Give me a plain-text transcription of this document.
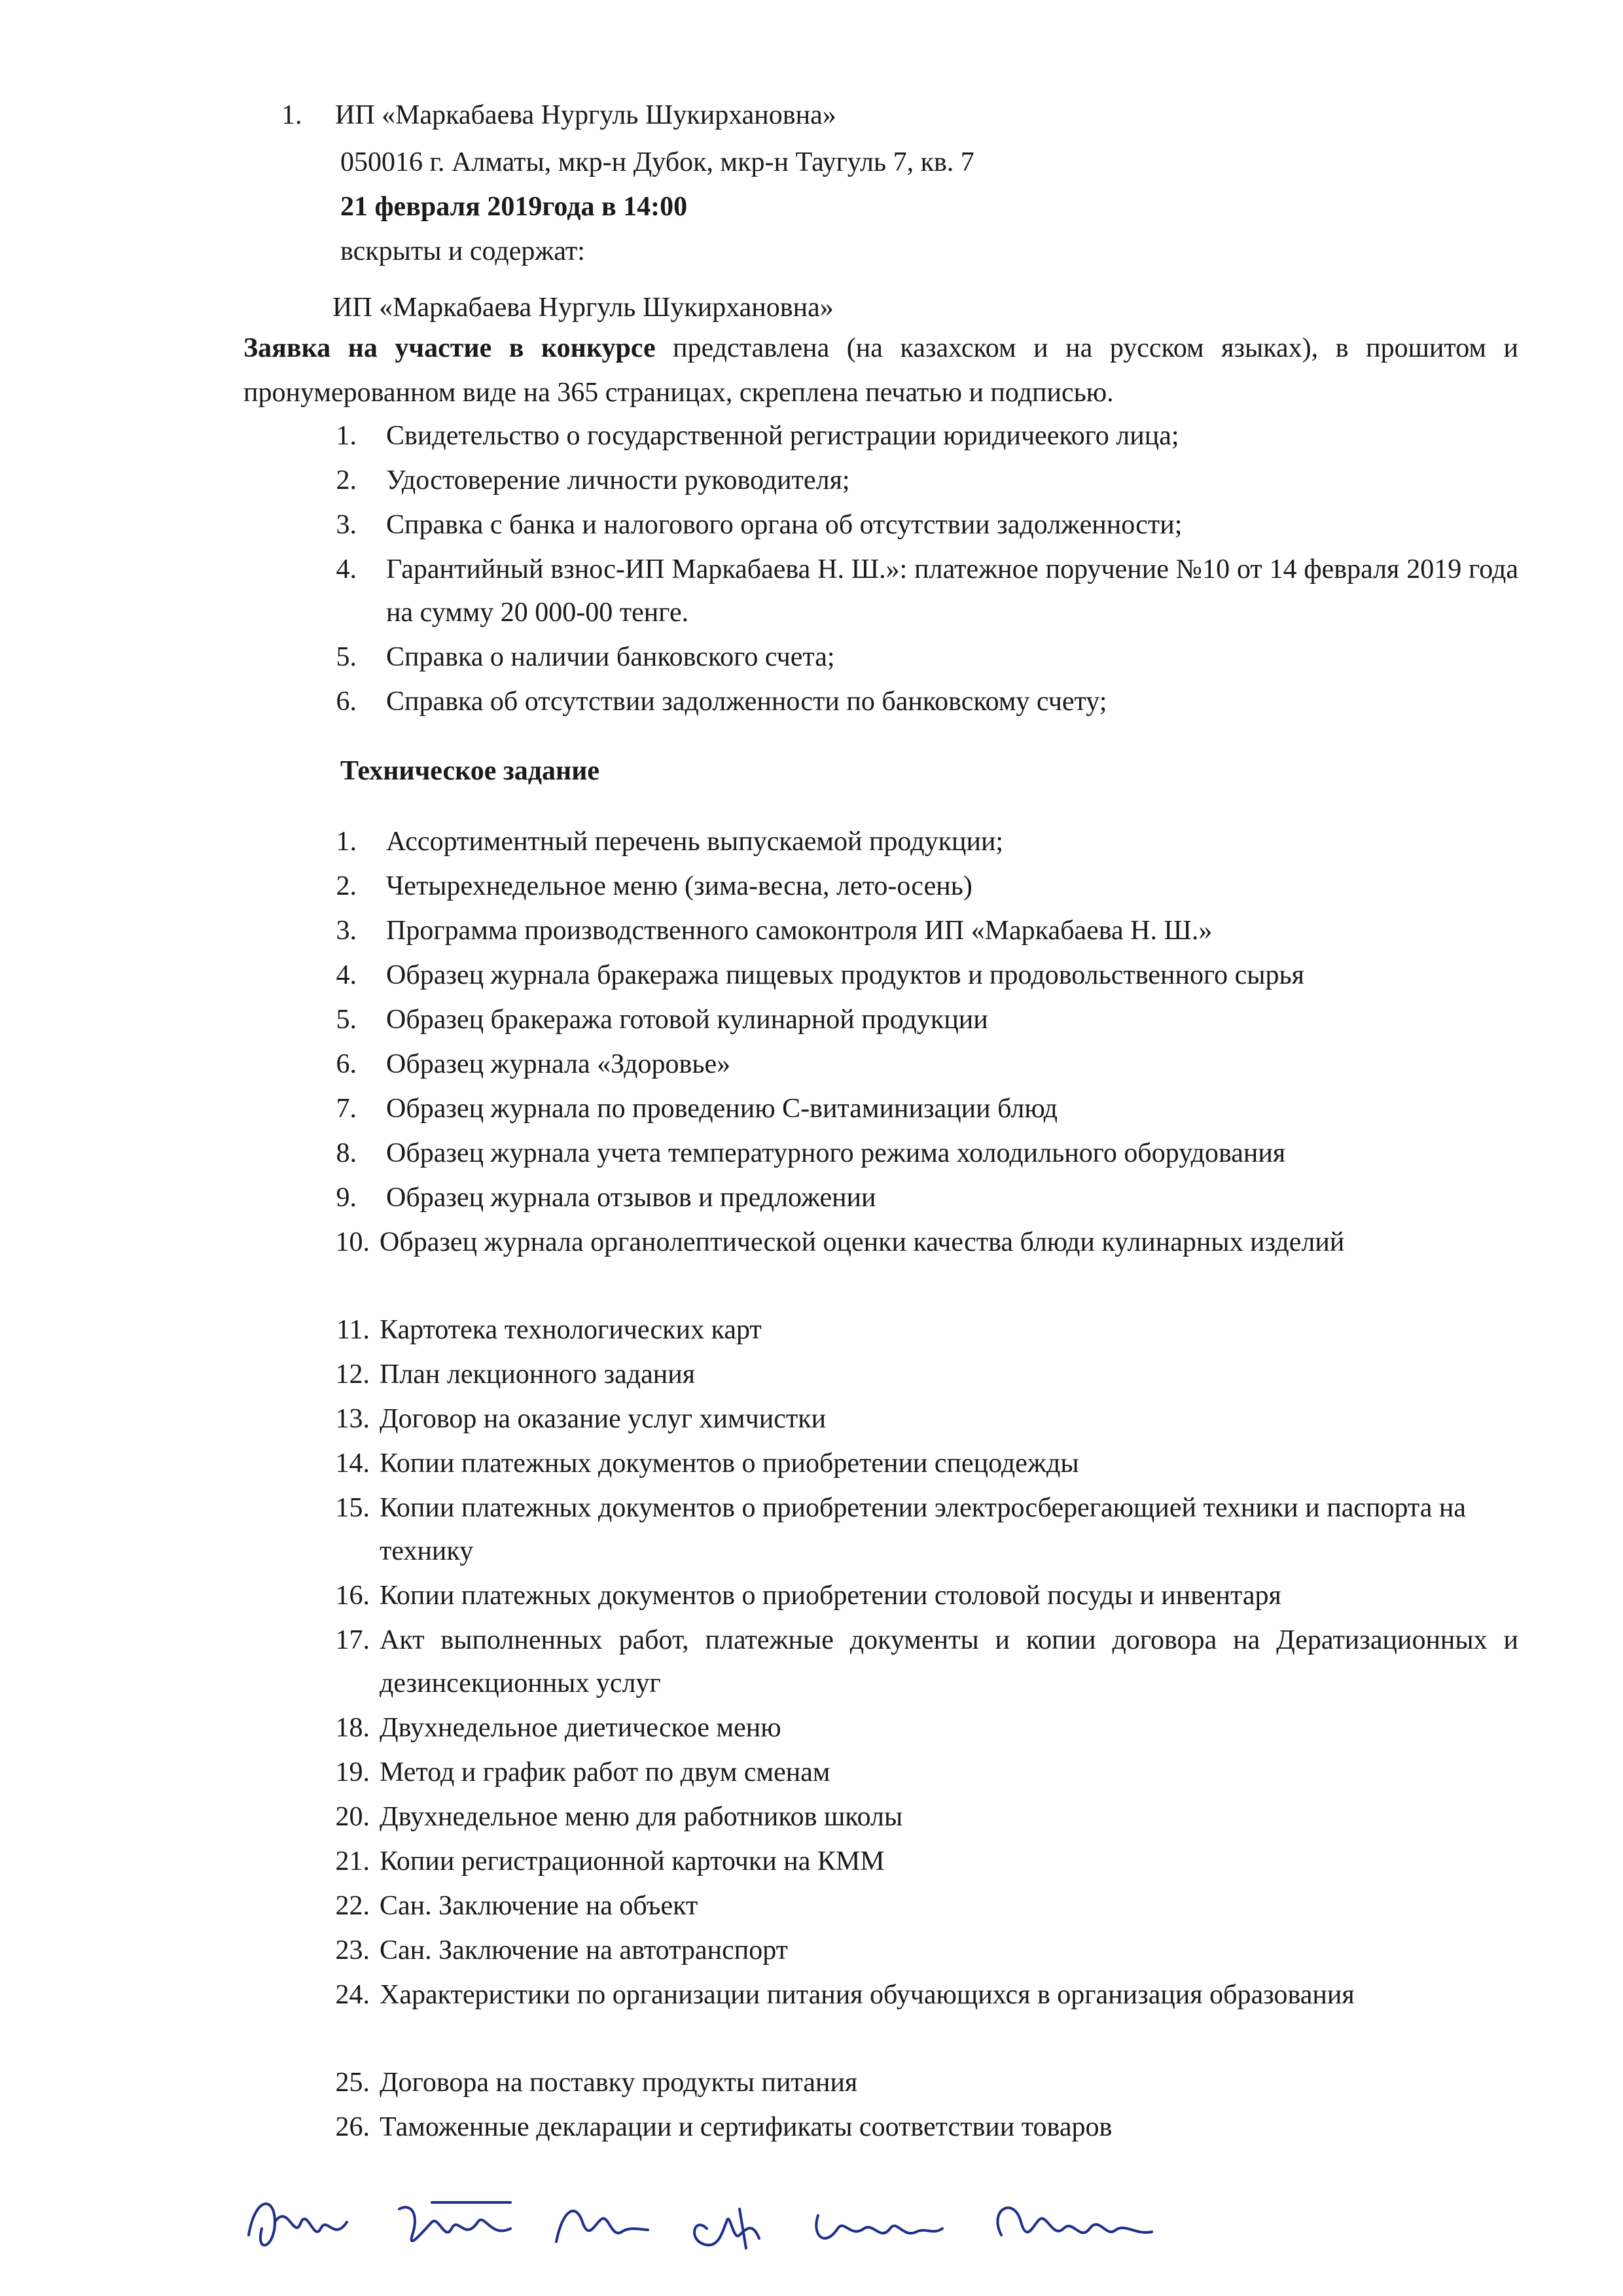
1. ИП «Маркабаева Нургуль Шукирхановна»
050016 г. Алматы, мкр-н Дубок, мкр-н Таугуль 7, кв. 7
21 февраля 2019года в 14:00
вскрыты и содержат:
ИП «Маркабаева Нургуль Шукирхановна»
Заявка на участие в конкурсе представлена (на казахском и на русском языках), в прошитом и пронумерованном виде на 365 страницах, скреплена печатью и подписью.
1. Свидетельство о государственной регистрации юридичеекого лица;
2. Удостоверение личности руководителя;
3. Справка с банка и налогового органа об отсутствии задолженности;
4. Гарантийный взнос-ИП Маркабаева Н. Ш.»: платежное поручение №10 от 14 февраля 2019 года на сумму 20 000-00 тенге.
5. Справка о наличии банковского счета;
6. Справка об отсутствии задолженности по банковскому счету;
Техническое задание
1. Ассортиментный перечень выпускаемой продукции;
2. Четырехнедельное меню (зима-весна, лето-осень)
3. Программа производственного самоконтроля ИП «Маркабаева Н. Ш.»
4. Образец журнала бракеража пищевых продуктов и продовольственного сырья
5. Образец бракеража готовой кулинарной продукции
6. Образец журнала «Здоровье»
7. Образец журнала по проведению С-витаминизации блюд
8. Образец журнала учета температурного режима холодильного оборудования
9. Образец журнала отзывов и предложении
10. Образец журнала органолептической оценки качества блюди кулинарных изделий
11. Картотека технологических карт
12. План лекционного задания
13. Договор на оказание услуг химчистки
14. Копии платежных документов о приобретении спецодежды
15. Копии платежных документов о приобретении электросберегающией техники и паспорта на технику
16. Копии платежных документов о приобретении столовой посуды и инвентаря
17. Акт выполненных работ, платежные документы и копии договора на Дератизационных и дезинсекционных услуг
18. Двухнедельное диетическое меню
19. Метод и график работ по двум сменам
20. Двухнедельное меню для работников школы
21. Копии регистрационной карточки на КММ
22. Сан. Заключение на объект
23. Сан. Заключение на автотранспорт
24. Характеристики по организации питания обучающихся в организация образования
25. Договора на поставку продукты питания
26. Таможенные декларации и сертификаты соответствии товаров
